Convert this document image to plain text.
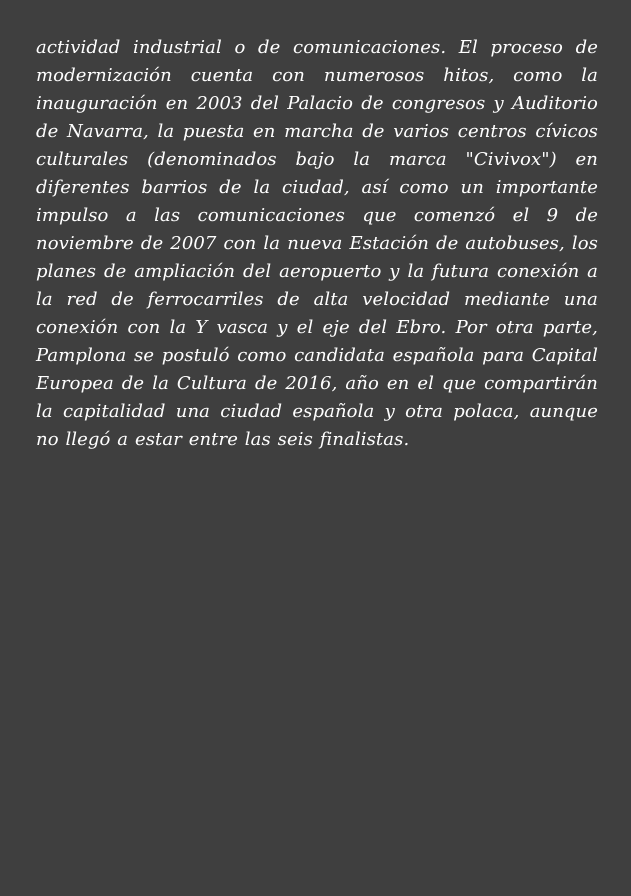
actividad industrial o de comunicaciones. El proceso de modernización cuenta con numerosos hitos, como la inauguración en 2003 del Palacio de congresos y Auditorio de Navarra, la puesta en marcha de varios centros cívicos culturales (denominados bajo la marca "Civivox") en diferentes barrios de la ciudad, así como un importante impulso a las comunicaciones que comenzó el 9 de noviembre de 2007 con la nueva Estación de autobuses, los planes de ampliación del aeropuerto y la futura conexión a la red de ferrocarriles de alta velocidad mediante una conexión con la Y vasca y el eje del Ebro. Por otra parte, Pamplona se postuló como candidata española para Capital Europea de la Cultura de 2016, año en el que compartirán la capitalidad una ciudad española y otra polaca, aunque no llegó a estar entre las seis finalistas.
